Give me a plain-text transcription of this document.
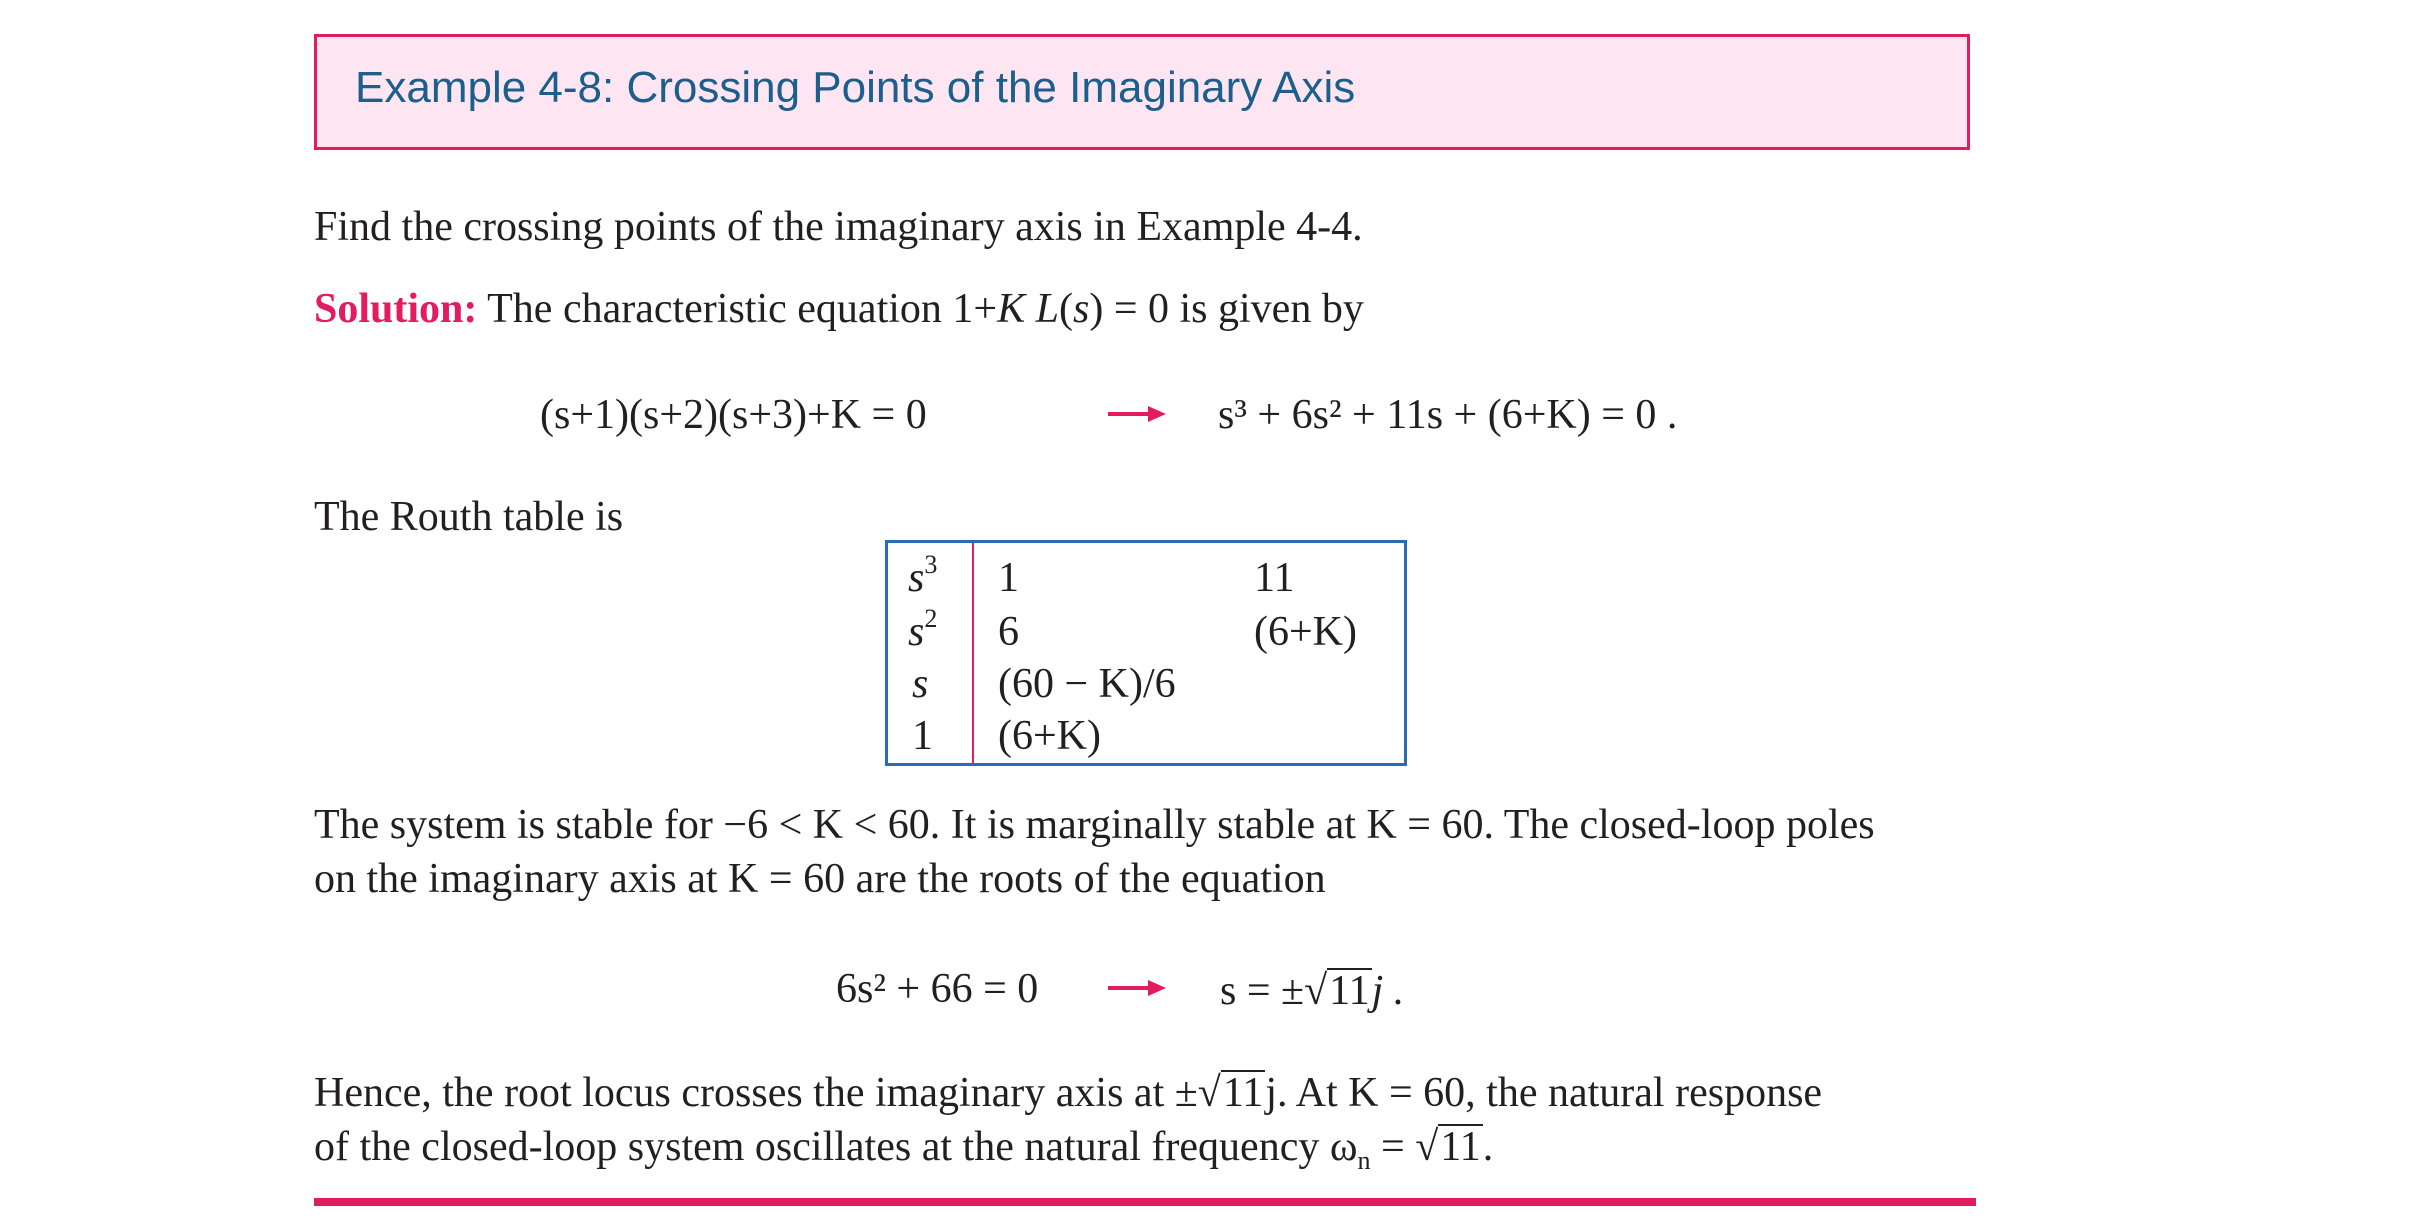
Example 4-8: Crossing Points of the Imaginary Axis
Find the crossing points of the imaginary axis in Example 4-4.
Solution: The characteristic equation 1+K L(s) = 0 is given by
(s+1)(s+2)(s+3)+K = 0	s³ + 6s² + 11s + (6+K) = 0 .
The Routh table is
$s^3$ 1	11
$s^2$ 6	(6+K)
s (60 − K)/6
1 (6+K)
The system is stable for −6 < K < 60. It is marginally stable at K = 60. The closed-loop poles
on the imaginary axis at K = 60 are the roots of the equation
6s² + 66 = 0	s = ±√11j .
Hence, the root locus crosses the imaginary axis at ±√11j. At K = 60, the natural response
of the closed-loop system oscillates at the natural frequency $\omega_n = √11$.
